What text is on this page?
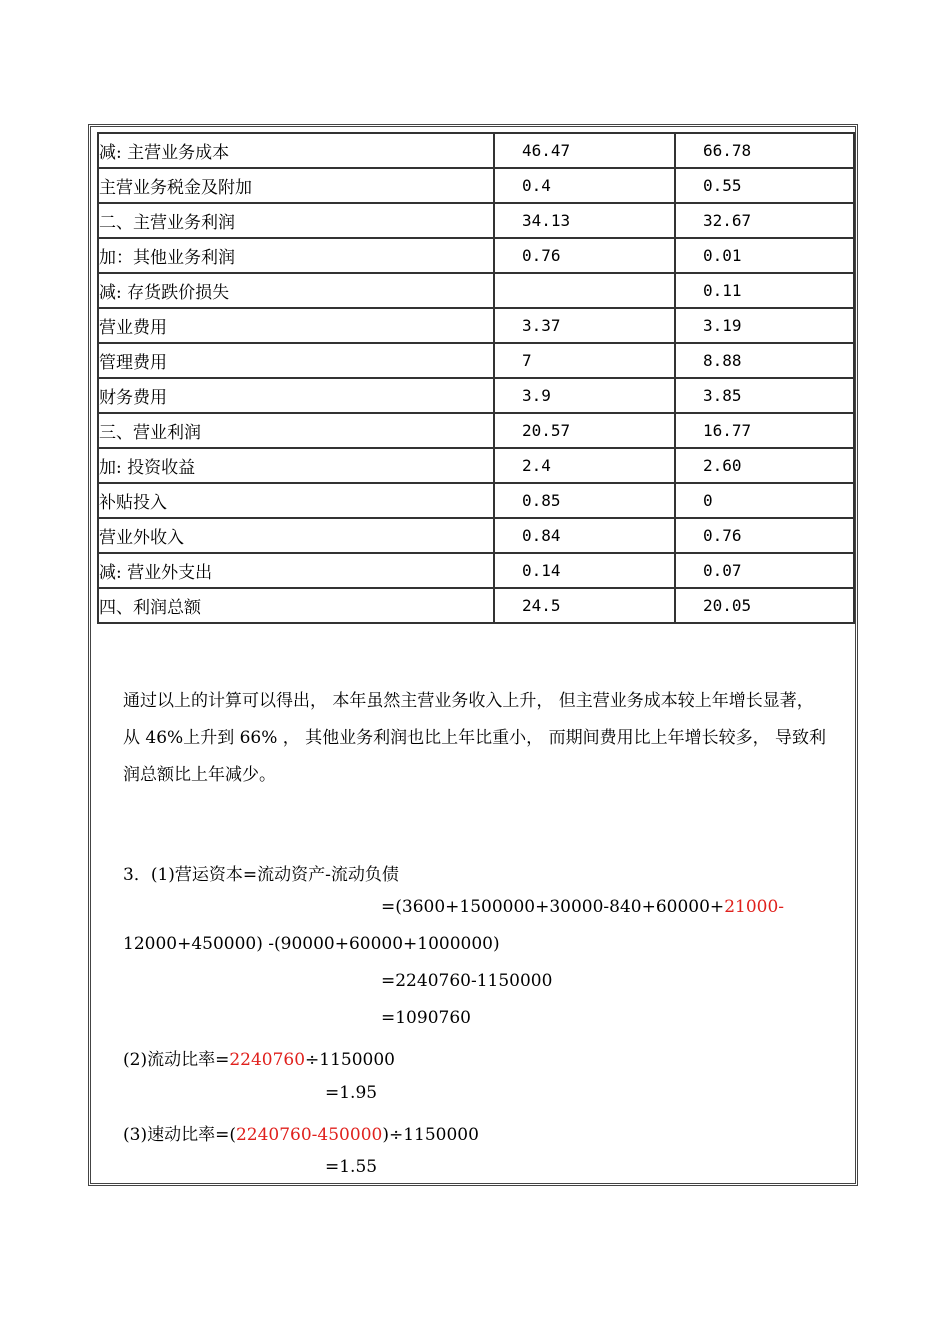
减: 主营业务成本	46.47	66.78
主营业务税金及附加	0.4	0.55
二、主营业务利润	34.13	32.67
加：其他业务利润	0.76	0.01
减: 存货跌价损失		0.11
营业费用	3.37	3.19
管理费用	7	8.88
财务费用	3.9	3.85
三、营业利润	20.57	16.77
加: 投资收益	2.4	2.60
补贴投入	0.85	0
营业外收入	0.84	0.76
减: 营业外支出	0.14	0.07
四、利润总额	24.5	20.05
通过以上的计算可以得出， 本年虽然主营业务收入上升， 但主营业务成本较上年增长显著， 从 46%上升到 66% ， 其他业务利润也比上年比重小， 而期间费用比上年增长较多， 导致利润总额比上年减少。
3．(1)营运资本=流动资产-流动负债
=(3600+1500000+30000-840+60000+21000-
12000+450000) -(90000+60000+1000000)
=2240760-1150000
=1090760
(2)流动比率=2240760÷1150000
=1.95
(3)速动比率=(2240760-450000)÷1150000
=1.55
